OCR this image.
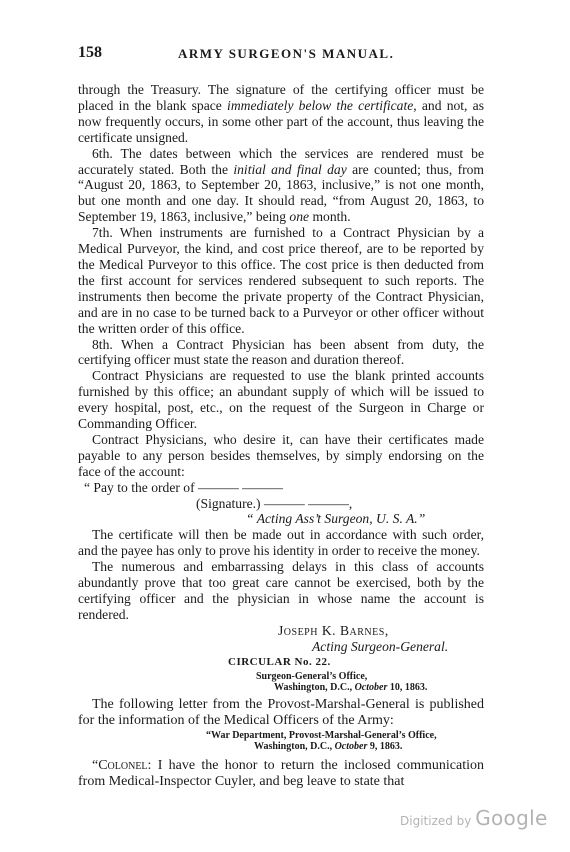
158	ARMY SURGEON'S MANUAL.

through the Treasury. The signature of the certifying officer must be placed in the blank space immediately below the certificate, and not, as now frequently occurs, in some other part of the account, thus leaving the certificate unsigned.

6th. The dates between which the services are rendered must be accurately stated. Both the initial and final day are counted; thus, from “August 20, 1863, to September 20, 1863, inclusive,” is not one month, but one month and one day. It should read, “from August 20, 1863, to September 19, 1863, inclusive,” being one month.

7th. When instruments are furnished to a Contract Physician by a Medical Purveyor, the kind, and cost price thereof, are to be reported by the Medical Purveyor to this office. The cost price is then deducted from the first account for services rendered subsequent to such reports. The instruments then become the private property of the Contract Physician, and are in no case to be turned back to a Purveyor or other officer without the written order of this office.

8th. When a Contract Physician has been absent from duty, the certifying officer must state the reason and duration thereof.

Contract Physicians are requested to use the blank printed accounts furnished by this office; an abundant supply of which will be issued to every hospital, post, etc., on the request of the Surgeon in Charge or Commanding Officer.

Contract Physicians, who desire it, can have their certificates made payable to any person besides themselves, by simply endorsing on the face of the account:

“ Pay to the order of ——— ———

(Signature.) ——— ———,

“ Acting Ass’t Surgeon, U. S. A.”

The certificate will then be made out in accordance with such order, and the payee has only to prove his identity in order to receive the money.

The numerous and embarrassing delays in this class of accounts abundantly prove that too great care cannot be exercised, both by the certifying officer and the physician in whose name the account is rendered.

Joseph K. Barnes,

Acting Surgeon-General.

CIRCULAR No. 22.

Surgeon-General’s Office,

Washington, D.C., October 10, 1863.

The following letter from the Provost-Marshal-General is published for the information of the Medical Officers of the Army:

“War Department, Provost-Marshal-General’s Office,

Washington, D.C., October 9, 1863.

“Colonel: I have the honor to return the inclosed communication from Medical-Inspector Cuyler, and beg leave to state that

Digitized by Google
